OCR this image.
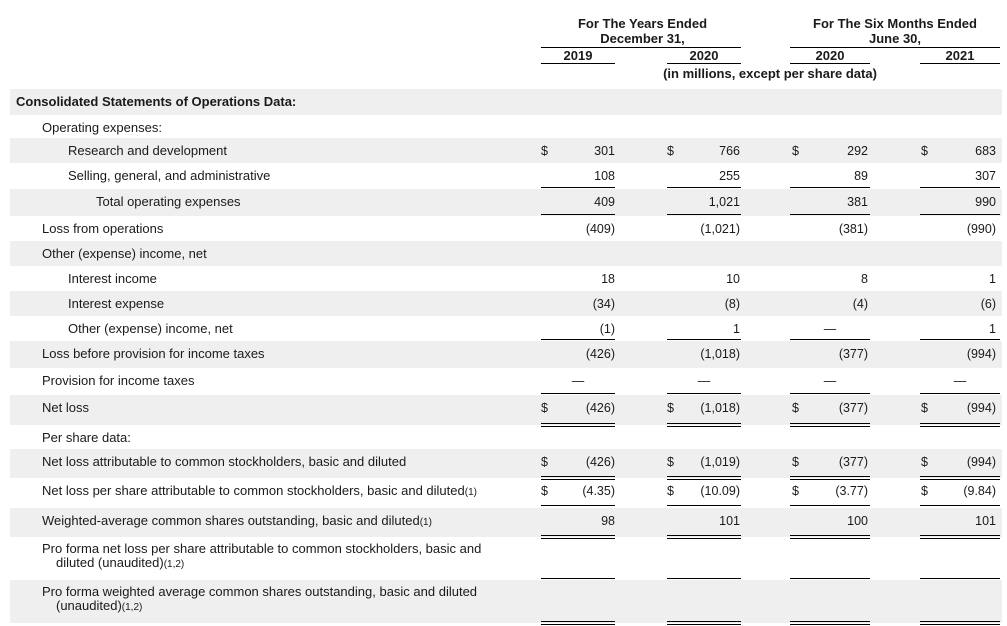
For The Years Ended December 31,
For The Six Months Ended June 30,
2019	2020	2020	2021
(in millions, except per share data)
Consolidated Statements of Operations Data:
Operating expenses:
Research and development	$	301	$	766	$	292	$	683
Selling, general, and administrative	108	255	89	307
Total operating expenses	409	1,021	381	990
Loss from operations	(409)	(1,021)	(381)	(990)
Other (expense) income, net
Interest income	18	10	8	1
Interest expense	(34)	(8)	(4)	(6)
Other (expense) income, net	(1)	1	—	1
Loss before provision for income taxes	(426)	(1,018)	(377)	(994)
Provision for income taxes	—	—	—	—
Net loss	$	(426)	$	(1,018)	$	(377)	$	(994)
Per share data:
Net loss attributable to common stockholders, basic and diluted	$	(426)	$	(1,019)	$	(377)	$	(994)
Net loss per share attributable to common stockholders, basic and diluted(1)	$	(4.35)	$	(10.09)	$	(3.77)	$	(9.84)
Weighted-average common shares outstanding, basic and diluted(1)	98	101	100	101
Pro forma net loss per share attributable to common stockholders, basic and
diluted (unaudited)(1,2)
Pro forma weighted average common shares outstanding, basic and diluted
(unaudited)(1,2)
